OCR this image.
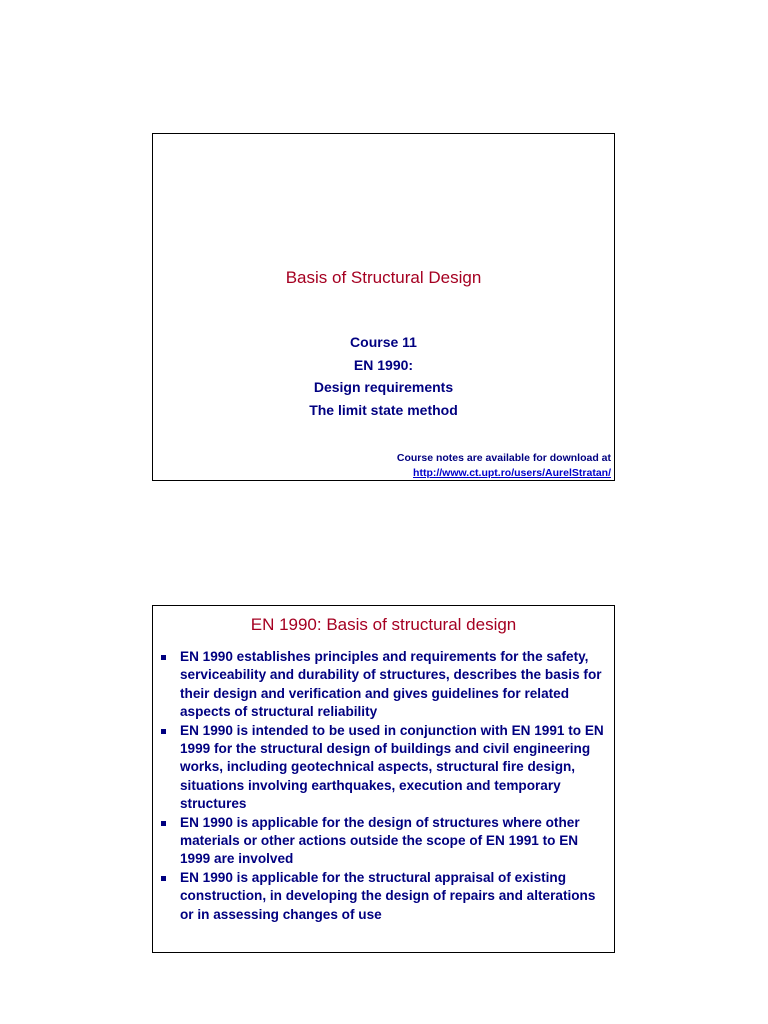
Basis of Structural Design
Course 11
EN 1990:
Design requirements
The limit state method
Course notes are available for download at
http://www.ct.upt.ro/users/AurelStratan/
EN 1990: Basis of structural design
EN 1990 establishes principles and requirements for the safety, serviceability and durability of structures, describes the basis for their design and verification and gives guidelines for related aspects of structural reliability
EN 1990 is intended to be used in conjunction with EN 1991 to EN 1999 for the structural design of buildings and civil engineering works, including geotechnical aspects, structural fire design, situations involving earthquakes, execution and temporary structures
EN 1990 is applicable for the design of structures where other materials or other actions outside the scope of EN 1991 to EN 1999 are involved
EN 1990 is applicable for the structural appraisal of existing construction, in developing the design of repairs and alterations or in assessing changes of use
